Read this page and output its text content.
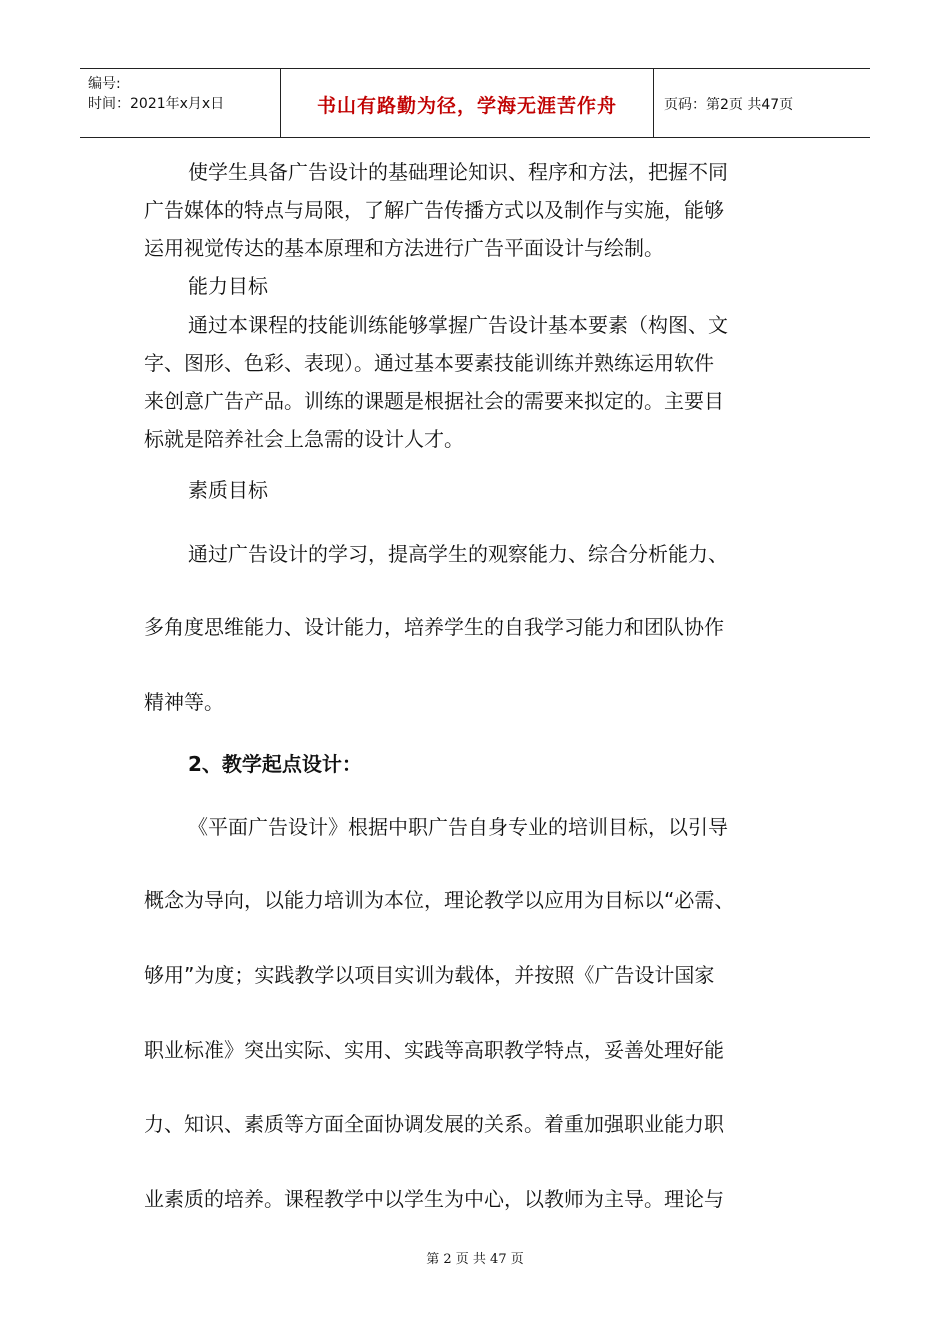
编号:
时间：2021年x月x日	书山有路勤为径，学海无涯苦作舟	页码：第2页 共47页
使学生具备广告设计的基础理论知识、程序和方法，把握不同
广告媒体的特点与局限，了解广告传播方式以及制作与实施，能够
运用视觉传达的基本原理和方法进行广告平面设计与绘制。
能力目标
通过本课程的技能训练能够掌握广告设计基本要素（构图、文
字、图形、色彩、表现）。通过基本要素技能训练并熟练运用软件
来创意广告产品。训练的课题是根据社会的需要来拟定的。主要目
标就是陪养社会上急需的设计人才。
素质目标
通过广告设计的学习，提高学生的观察能力、综合分析能力、
多角度思维能力、设计能力，培养学生的自我学习能力和团队协作
精神等。
2、教学起点设计：
《平面广告设计》根据中职广告自身专业的培训目标，以引导
概念为导向，以能力培训为本位，理论教学以应用为目标以“必需、
够用”为度；实践教学以项目实训为载体，并按照《广告设计国家
职业标准》突出实际、实用、实践等高职教学特点，妥善处理好能
力、知识、素质等方面全面协调发展的关系。着重加强职业能力职
业素质的培养。课程教学中以学生为中心，以教师为主导。理论与
第 2 页 共 47 页
